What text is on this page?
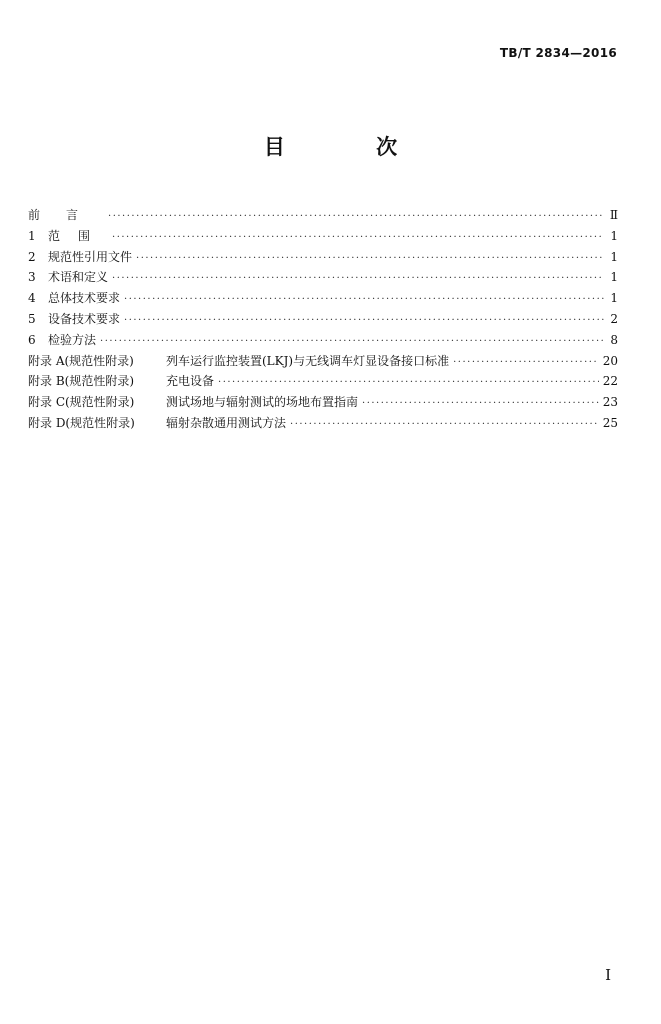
TB/T 2834—2016
目 次
前言 ·····	Ⅱ
1	范围 ·····	1
2	规范性引用文件 ·····	1
3	术语和定义 ·····	1
4	总体技术要求 ·····	1
5	设备技术要求 ·····	2
6	检验方法 ·····	8
附录 A(规范性附录)	列车运行监控装置(LKJ)与无线调车灯显设备接口标准 ·····	20
附录 B(规范性附录)	充电设备 ·····	22
附录 C(规范性附录)	测试场地与辐射测试的场地布置指南 ·····	23
附录 D(规范性附录)	辐射杂散通用测试方法 ·····	25
I
